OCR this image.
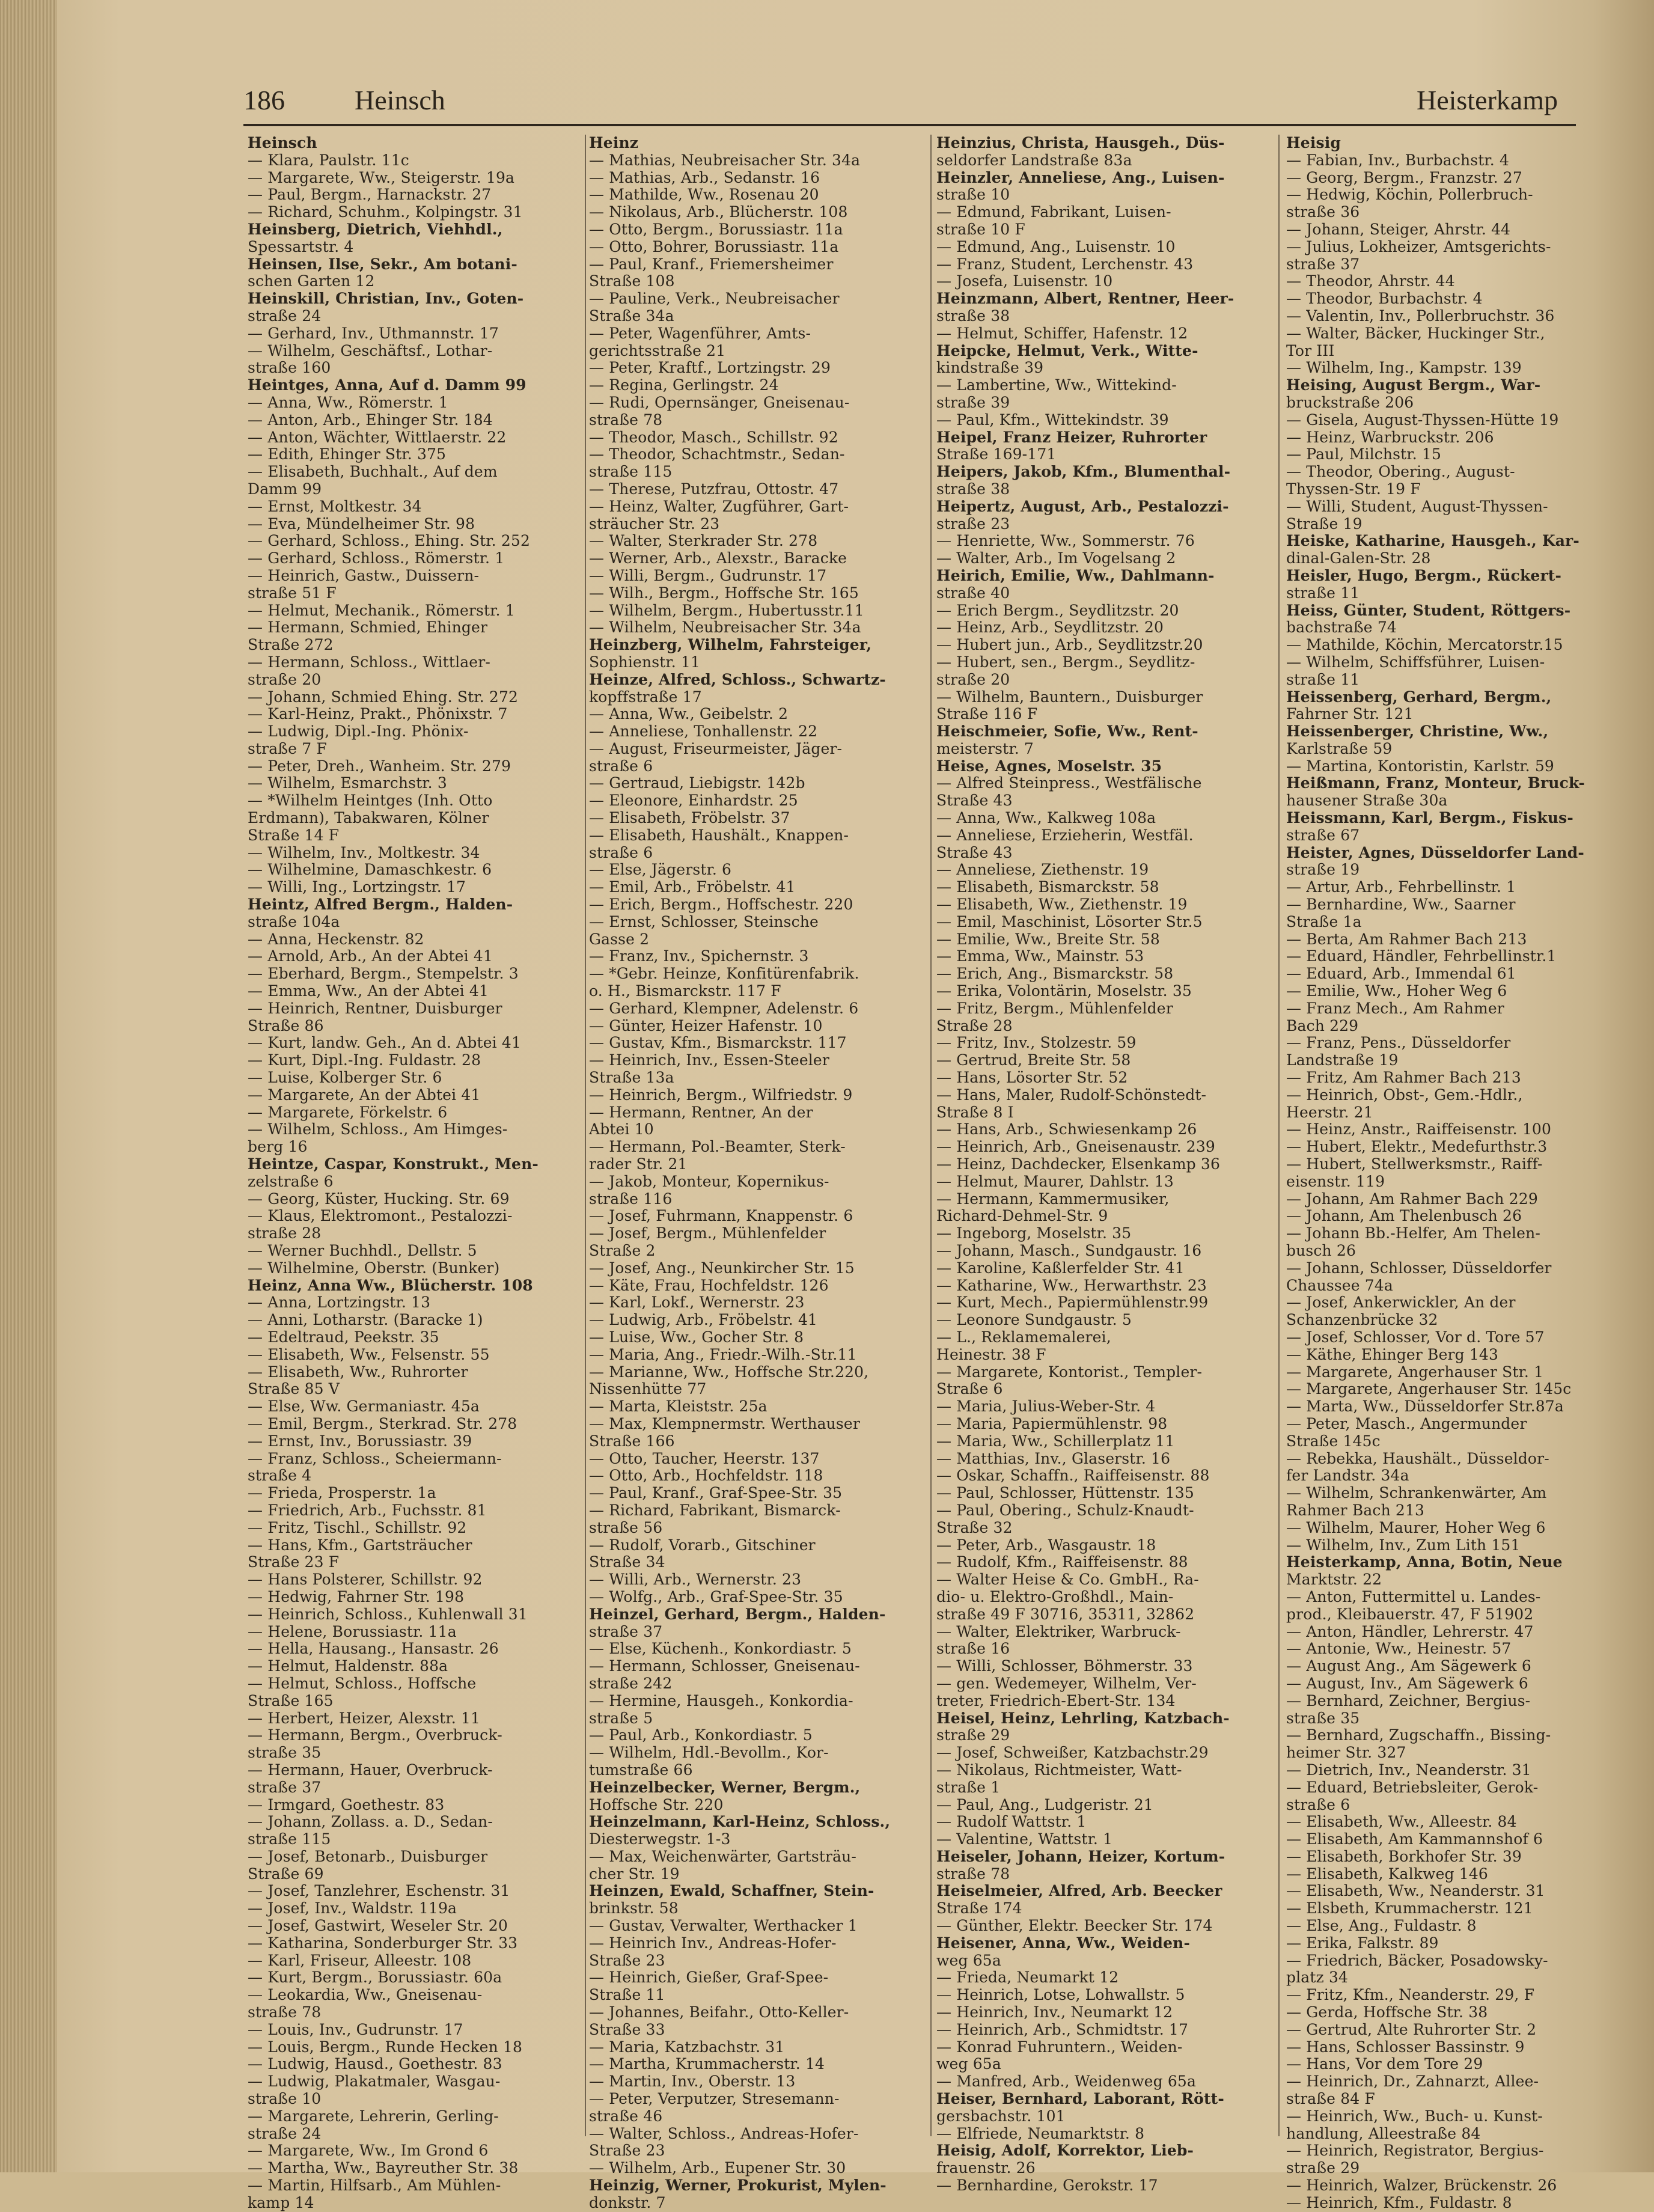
186	Heinsch	Heisterkamp
Heinsch
— Klara, Paulstr. 11c
— Margarete, Ww., Steigerstr. 19a
— Paul, Bergm., Harnackstr. 27
— Richard, Schuhm., Kolpingstr. 31
Heinsberg, Dietrich, Viehhdl.,
Spessartstr. 4
Heinsen, Ilse, Sekr., Am botani-
schen Garten 12
Heinskill, Christian, Inv., Goten-
straße 24
— Gerhard, Inv., Uthmannstr. 17
— Wilhelm, Geschäftsf., Lothar-
straße 160
Heintges, Anna, Auf d. Damm 99
— Anna, Ww., Römerstr. 1
— Anton, Arb., Ehinger Str. 184
— Anton, Wächter, Wittlaerstr. 22
— Edith, Ehinger Str. 375
— Elisabeth, Buchhalt., Auf dem
Damm 99
— Ernst, Moltkestr. 34
— Eva, Mündelheimer Str. 98
— Gerhard, Schloss., Ehing. Str. 252
— Gerhard, Schloss., Römerstr. 1
— Heinrich, Gastw., Duissern-
straße 51 F
— Helmut, Mechanik., Römerstr. 1
— Hermann, Schmied, Ehinger
Straße 272
— Hermann, Schloss., Wittlaer-
straße 20
— Johann, Schmied Ehing. Str. 272
— Karl-Heinz, Prakt., Phönixstr. 7
— Ludwig, Dipl.-Ing. Phönix-
straße 7 F
— Peter, Dreh., Wanheim. Str. 279
— Wilhelm, Esmarchstr. 3
— *Wilhelm Heintges (Inh. Otto
Erdmann), Tabakwaren, Kölner
Straße 14 F
— Wilhelm, Inv., Moltkestr. 34
— Wilhelmine, Damaschkestr. 6
— Willi, Ing., Lortzingstr. 17
Heintz, Alfred Bergm., Halden-
straße 104a
— Anna, Heckenstr. 82
— Arnold, Arb., An der Abtei 41
— Eberhard, Bergm., Stempelstr. 3
— Emma, Ww., An der Abtei 41
— Heinrich, Rentner, Duisburger
Straße 86
— Kurt, landw. Geh., An d. Abtei 41
— Kurt, Dipl.-Ing. Fuldastr. 28
— Luise, Kolberger Str. 6
— Margarete, An der Abtei 41
— Margarete, Förkelstr. 6
— Wilhelm, Schloss., Am Himges-
berg 16
Heintze, Caspar, Konstrukt., Men-
zelstraße 6
— Georg, Küster, Hucking. Str. 69
— Klaus, Elektromont., Pestalozzi-
straße 28
— Werner Buchhdl., Dellstr. 5
— Wilhelmine, Oberstr. (Bunker)
Heinz, Anna Ww., Blücherstr. 108
— Anna, Lortzingstr. 13
— Anni, Lotharstr. (Baracke 1)
— Edeltraud, Peekstr. 35
— Elisabeth, Ww., Felsenstr. 55
— Elisabeth, Ww., Ruhrorter
Straße 85 V
— Else, Ww. Germaniastr. 45a
— Emil, Bergm., Sterkrad. Str. 278
— Ernst, Inv., Borussiastr. 39
— Franz, Schloss., Scheiermann-
straße 4
— Frieda, Prosperstr. 1a
— Friedrich, Arb., Fuchsstr. 81
— Fritz, Tischl., Schillstr. 92
— Hans, Kfm., Gartsträucher
Straße 23 F
— Hans Polsterer, Schillstr. 92
— Hedwig, Fahrner Str. 198
— Heinrich, Schloss., Kuhlenwall 31
— Helene, Borussiastr. 11a
— Hella, Hausang., Hansastr. 26
— Helmut, Haldenstr. 88a
— Helmut, Schloss., Hoffsche
Straße 165
— Herbert, Heizer, Alexstr. 11
— Hermann, Bergm., Overbruck-
straße 35
— Hermann, Hauer, Overbruck-
straße 37
— Irmgard, Goethestr. 83
— Johann, Zollass. a. D., Sedan-
straße 115
— Josef, Betonarb., Duisburger
Straße 69
— Josef, Tanzlehrer, Eschenstr. 31
— Josef, Inv., Waldstr. 119a
— Josef, Gastwirt, Weseler Str. 20
— Katharina, Sonderburger Str. 33
— Karl, Friseur, Alleestr. 108
— Kurt, Bergm., Borussiastr. 60a
— Leokardia, Ww., Gneisenau-
straße 78
— Louis, Inv., Gudrunstr. 17
— Louis, Bergm., Runde Hecken 18
— Ludwig, Hausd., Goethestr. 83
— Ludwig, Plakatmaler, Wasgau-
straße 10
— Margarete, Lehrerin, Gerling-
straße 24
— Margarete, Ww., Im Grond 6
— Martha, Ww., Bayreuther Str. 38
— Martin, Hilfsarb., Am Mühlen-
kamp 14
Heinz
— Mathias, Neubreisacher Str. 34a
— Mathias, Arb., Sedanstr. 16
— Mathilde, Ww., Rosenau 20
— Nikolaus, Arb., Blücherstr. 108
— Otto, Bergm., Borussiastr. 11a
— Otto, Bohrer, Borussiastr. 11a
— Paul, Kranf., Friemersheimer
Straße 108
— Pauline, Verk., Neubreisacher
Straße 34a
— Peter, Wagenführer, Amts-
gerichtsstraße 21
— Peter, Kraftf., Lortzingstr. 29
— Regina, Gerlingstr. 24
— Rudi, Opernsänger, Gneisenau-
straße 78
— Theodor, Masch., Schillstr. 92
— Theodor, Schachtmstr., Sedan-
straße 115
— Therese, Putzfrau, Ottostr. 47
— Heinz, Walter, Zugführer, Gart-
sträucher Str. 23
— Walter, Sterkrader Str. 278
— Werner, Arb., Alexstr., Baracke
— Willi, Bergm., Gudrunstr. 17
— Wilh., Bergm., Hoffsche Str. 165
— Wilhelm, Bergm., Hubertusstr.11
— Wilhelm, Neubreisacher Str. 34a
Heinzberg, Wilhelm, Fahrsteiger,
Sophienstr. 11
Heinze, Alfred, Schloss., Schwartz-
kopffstraße 17
— Anna, Ww., Geibelstr. 2
— Anneliese, Tonhallenstr. 22
— August, Friseurmeister, Jäger-
straße 6
— Gertraud, Liebigstr. 142b
— Eleonore, Einhardstr. 25
— Elisabeth, Fröbelstr. 37
— Elisabeth, Haushält., Knappen-
straße 6
— Else, Jägerstr. 6
— Emil, Arb., Fröbelstr. 41
— Erich, Bergm., Hoffschestr. 220
— Ernst, Schlosser, Steinsche
Gasse 2
— Franz, Inv., Spichernstr. 3
— *Gebr. Heinze, Konfitürenfabrik.
o. H., Bismarckstr. 117 F
— Gerhard, Klempner, Adelenstr. 6
— Günter, Heizer Hafenstr. 10
— Gustav, Kfm., Bismarckstr. 117
— Heinrich, Inv., Essen-Steeler
Straße 13a
— Heinrich, Bergm., Wilfriedstr. 9
— Hermann, Rentner, An der
Abtei 10
— Hermann, Pol.-Beamter, Sterk-
rader Str. 21
— Jakob, Monteur, Kopernikus-
straße 116
— Josef, Fuhrmann, Knappenstr. 6
— Josef, Bergm., Mühlenfelder
Straße 2
— Josef, Ang., Neunkircher Str. 15
— Käte, Frau, Hochfeldstr. 126
— Karl, Lokf., Wernerstr. 23
— Ludwig, Arb., Fröbelstr. 41
— Luise, Ww., Gocher Str. 8
— Maria, Ang., Friedr.-Wilh.-Str.11
— Marianne, Ww., Hoffsche Str.220,
Nissenhütte 77
— Marta, Kleiststr. 25a
— Max, Klempnermstr. Werthauser
Straße 166
— Otto, Taucher, Heerstr. 137
— Otto, Arb., Hochfeldstr. 118
— Paul, Kranf., Graf-Spee-Str. 35
— Richard, Fabrikant, Bismarck-
straße 56
— Rudolf, Vorarb., Gitschiner
Straße 34
— Willi, Arb., Wernerstr. 23
— Wolfg., Arb., Graf-Spee-Str. 35
Heinzel, Gerhard, Bergm., Halden-
straße 37
— Else, Küchenh., Konkordiastr. 5
— Hermann, Schlosser, Gneisenau-
straße 242
— Hermine, Hausgeh., Konkordia-
straße 5
— Paul, Arb., Konkordiastr. 5
— Wilhelm, Hdl.-Bevollm., Kor-
tumstraße 66
Heinzelbecker, Werner, Bergm.,
Hoffsche Str. 220
Heinzelmann, Karl-Heinz, Schloss.,
Diesterwegstr. 1-3
— Max, Weichenwärter, Gartsträu-
cher Str. 19
Heinzen, Ewald, Schaffner, Stein-
brinkstr. 58
— Gustav, Verwalter, Werthacker 1
— Heinrich Inv., Andreas-Hofer-
Straße 23
— Heinrich, Gießer, Graf-Spee-
Straße 11
— Johannes, Beifahr., Otto-Keller-
Straße 33
— Maria, Katzbachstr. 31
— Martha, Krummacherstr. 14
— Martin, Inv., Oberstr. 13
— Peter, Verputzer, Stresemann-
straße 46
— Walter, Schloss., Andreas-Hofer-
Straße 23
— Wilhelm, Arb., Eupener Str. 30
Heinzig, Werner, Prokurist, Mylen-
donkstr. 7
Heinzius, Christa, Hausgeh., Düs-
seldorfer Landstraße 83a
Heinzler, Anneliese, Ang., Luisen-
straße 10
— Edmund, Fabrikant, Luisen-
straße 10 F
— Edmund, Ang., Luisenstr. 10
— Franz, Student, Lerchenstr. 43
— Josefa, Luisenstr. 10
Heinzmann, Albert, Rentner, Heer-
straße 38
— Helmut, Schiffer, Hafenstr. 12
Heipcke, Helmut, Verk., Witte-
kindstraße 39
— Lambertine, Ww., Wittekind-
straße 39
— Paul, Kfm., Wittekindstr. 39
Heipel, Franz Heizer, Ruhrorter
Straße 169-171
Heipers, Jakob, Kfm., Blumenthal-
straße 38
Heipertz, August, Arb., Pestalozzi-
straße 23
— Henriette, Ww., Sommerstr. 76
— Walter, Arb., Im Vogelsang 2
Heirich, Emilie, Ww., Dahlmann-
straße 40
— Erich Bergm., Seydlitzstr. 20
— Heinz, Arb., Seydlitzstr. 20
— Hubert jun., Arb., Seydlitzstr.20
— Hubert, sen., Bergm., Seydlitz-
straße 20
— Wilhelm, Bauntern., Duisburger
Straße 116 F
Heischmeier, Sofie, Ww., Rent-
meisterstr. 7
Heise, Agnes, Moselstr. 35
— Alfred Steinpress., Westfälische
Straße 43
— Anna, Ww., Kalkweg 108a
— Anneliese, Erzieherin, Westfäl.
Straße 43
— Anneliese, Ziethenstr. 19
— Elisabeth, Bismarckstr. 58
— Elisabeth, Ww., Ziethenstr. 19
— Emil, Maschinist, Lösorter Str.5
— Emilie, Ww., Breite Str. 58
— Emma, Ww., Mainstr. 53
— Erich, Ang., Bismarckstr. 58
— Erika, Volontärin, Moselstr. 35
— Fritz, Bergm., Mühlenfelder
Straße 28
— Fritz, Inv., Stolzestr. 59
— Gertrud, Breite Str. 58
— Hans, Lösorter Str. 52
— Hans, Maler, Rudolf-Schönstedt-
Straße 8 I
— Hans, Arb., Schwiesenkamp 26
— Heinrich, Arb., Gneisenaustr. 239
— Heinz, Dachdecker, Elsenkamp 36
— Helmut, Maurer, Dahlstr. 13
— Hermann, Kammermusiker,
Richard-Dehmel-Str. 9
— Ingeborg, Moselstr. 35
— Johann, Masch., Sundgaustr. 16
— Karoline, Kaßlerfelder Str. 41
— Katharine, Ww., Herwarthstr. 23
— Kurt, Mech., Papiermühlenstr.99
— Leonore Sundgaustr. 5
— L., Reklamemalerei,
Heinestr. 38 F
— Margarete, Kontorist., Templer-
Straße 6
— Maria, Julius-Weber-Str. 4
— Maria, Papiermühlenstr. 98
— Maria, Ww., Schillerplatz 11
— Matthias, Inv., Glaserstr. 16
— Oskar, Schaffn., Raiffeisenstr. 88
— Paul, Schlosser, Hüttenstr. 135
— Paul, Obering., Schulz-Knaudt-
Straße 32
— Peter, Arb., Wasgaustr. 18
— Rudolf, Kfm., Raiffeisenstr. 88
— Walter Heise & Co. GmbH., Ra-
dio- u. Elektro-Großhdl., Main-
straße 49 F 30716, 35311, 32862
— Walter, Elektriker, Warbruck-
straße 16
— Willi, Schlosser, Böhmerstr. 33
— gen. Wedemeyer, Wilhelm, Ver-
treter, Friedrich-Ebert-Str. 134
Heisel, Heinz, Lehrling, Katzbach-
straße 29
— Josef, Schweißer, Katzbachstr.29
— Nikolaus, Richtmeister, Watt-
straße 1
— Paul, Ang., Ludgeristr. 21
— Rudolf Wattstr. 1
— Valentine, Wattstr. 1
Heiseler, Johann, Heizer, Kortum-
straße 78
Heiselmeier, Alfred, Arb. Beecker
Straße 174
— Günther, Elektr. Beecker Str. 174
Heisener, Anna, Ww., Weiden-
weg 65a
— Frieda, Neumarkt 12
— Heinrich, Lotse, Lohwallstr. 5
— Heinrich, Inv., Neumarkt 12
— Heinrich, Arb., Schmidtstr. 17
— Konrad Fuhruntern., Weiden-
weg 65a
— Manfred, Arb., Weidenweg 65a
Heiser, Bernhard, Laborant, Rött-
gersbachstr. 101
— Elfriede, Neumarktstr. 8
Heisig, Adolf, Korrektor, Lieb-
frauenstr. 26
— Bernhardine, Gerokstr. 17
Heisig
— Fabian, Inv., Burbachstr. 4
— Georg, Bergm., Franzstr. 27
— Hedwig, Köchin, Pollerbruch-
straße 36
— Johann, Steiger, Ahrstr. 44
— Julius, Lokheizer, Amtsgerichts-
straße 37
— Theodor, Ahrstr. 44
— Theodor, Burbachstr. 4
— Valentin, Inv., Pollerbruchstr. 36
— Walter, Bäcker, Huckinger Str.,
Tor III
— Wilhelm, Ing., Kampstr. 139
Heising, August Bergm., War-
bruckstraße 206
— Gisela, August-Thyssen-Hütte 19
— Heinz, Warbruckstr. 206
— Paul, Milchstr. 15
— Theodor, Obering., August-
Thyssen-Str. 19 F
— Willi, Student, August-Thyssen-
Straße 19
Heiske, Katharine, Hausgeh., Kar-
dinal-Galen-Str. 28
Heisler, Hugo, Bergm., Rückert-
straße 11
Heiss, Günter, Student, Röttgers-
bachstraße 74
— Mathilde, Köchin, Mercatorstr.15
— Wilhelm, Schiffsführer, Luisen-
straße 11
Heissenberg, Gerhard, Bergm.,
Fahrner Str. 121
Heissenberger, Christine, Ww.,
Karlstraße 59
— Martina, Kontoristin, Karlstr. 59
Heißmann, Franz, Monteur, Bruck-
hausener Straße 30a
Heissmann, Karl, Bergm., Fiskus-
straße 67
Heister, Agnes, Düsseldorfer Land-
straße 19
— Artur, Arb., Fehrbellinstr. 1
— Bernhardine, Ww., Saarner
Straße 1a
— Berta, Am Rahmer Bach 213
— Eduard, Händler, Fehrbellinstr.1
— Eduard, Arb., Immendal 61
— Emilie, Ww., Hoher Weg 6
— Franz Mech., Am Rahmer
Bach 229
— Franz, Pens., Düsseldorfer
Landstraße 19
— Fritz, Am Rahmer Bach 213
— Heinrich, Obst-, Gem.-Hdlr.,
Heerstr. 21
— Heinz, Anstr., Raiffeisenstr. 100
— Hubert, Elektr., Medefurthstr.3
— Hubert, Stellwerksmstr., Raiff-
eisenstr. 119
— Johann, Am Rahmer Bach 229
— Johann, Am Thelenbusch 26
— Johann Bb.-Helfer, Am Thelen-
busch 26
— Johann, Schlosser, Düsseldorfer
Chaussee 74a
— Josef, Ankerwickler, An der
Schanzenbrücke 32
— Josef, Schlosser, Vor d. Tore 57
— Käthe, Ehinger Berg 143
— Margarete, Angerhauser Str. 1
— Margarete, Angerhauser Str. 145c
— Marta, Ww., Düsseldorfer Str.87a
— Peter, Masch., Angermunder
Straße 145c
— Rebekka, Haushält., Düsseldor-
fer Landstr. 34a
— Wilhelm, Schrankenwärter, Am
Rahmer Bach 213
— Wilhelm, Maurer, Hoher Weg 6
— Wilhelm, Inv., Zum Lith 151
Heisterkamp, Anna, Botin, Neue
Marktstr. 22
— Anton, Futtermittel u. Landes-
prod., Kleibauerstr. 47, F 51902
— Anton, Händler, Lehrerstr. 47
— Antonie, Ww., Heinestr. 57
— August Ang., Am Sägewerk 6
— August, Inv., Am Sägewerk 6
— Bernhard, Zeichner, Bergius-
straße 35
— Bernhard, Zugschaffn., Bissing-
heimer Str. 327
— Dietrich, Inv., Neanderstr. 31
— Eduard, Betriebsleiter, Gerok-
straße 6
— Elisabeth, Ww., Alleestr. 84
— Elisabeth, Am Kammannshof 6
— Elisabeth, Borkhofer Str. 39
— Elisabeth, Kalkweg 146
— Elisabeth, Ww., Neanderstr. 31
— Elsbeth, Krummacherstr. 121
— Else, Ang., Fuldastr. 8
— Erika, Falkstr. 89
— Friedrich, Bäcker, Posadowsky-
platz 34
— Fritz, Kfm., Neanderstr. 29, F
— Gerda, Hoffsche Str. 38
— Gertrud, Alte Ruhrorter Str. 2
— Hans, Schlosser Bassinstr. 9
— Hans, Vor dem Tore 29
— Heinrich, Dr., Zahnarzt, Allee-
straße 84 F
— Heinrich, Ww., Buch- u. Kunst-
handlung, Alleestraße 84
— Heinrich, Registrator, Bergius-
straße 29
— Heinrich, Walzer, Brückenstr. 26
— Heinrich, Kfm., Fuldastr. 8
